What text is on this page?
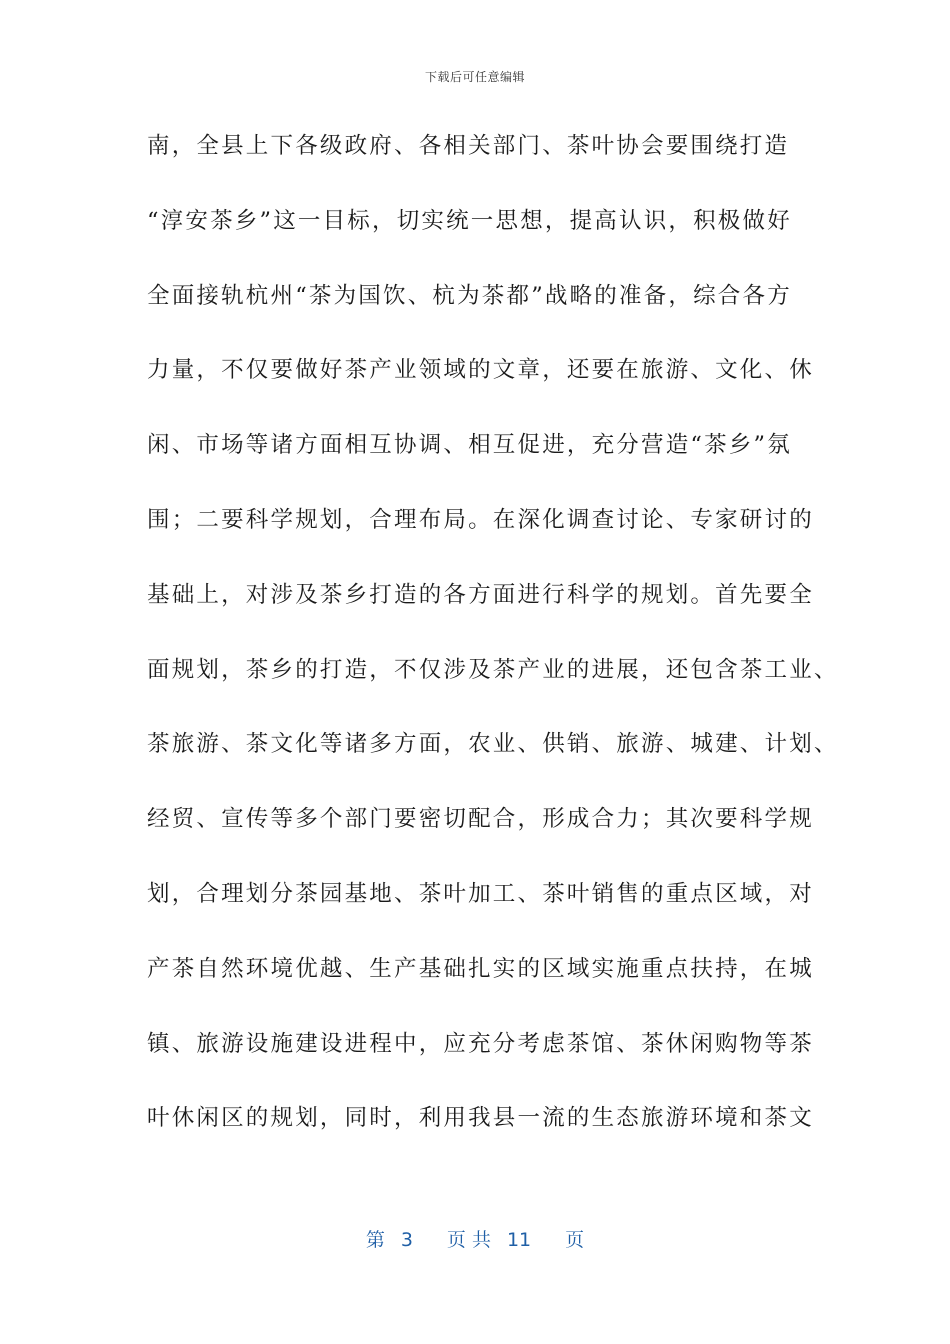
下载后可任意编辑
南，全县上下各级政府、各相关部门、茶叶协会要围绕打造
“淳安茶乡”这一目标，切实统一思想，提高认识，积极做好
全面接轨杭州“茶为国饮、杭为茶都”战略的准备，综合各方
力量，不仅要做好茶产业领域的文章，还要在旅游、文化、休
闲、市场等诸方面相互协调、相互促进，充分营造“茶乡”氛
围；二要科学规划，合理布局。在深化调查讨论、专家研讨的
基础上，对涉及茶乡打造的各方面进行科学的规划。首先要全
面规划，茶乡的打造，不仅涉及茶产业的进展，还包含茶工业、
茶旅游、茶文化等诸多方面，农业、供销、旅游、城建、计划、
经贸、宣传等多个部门要密切配合，形成合力；其次要科学规
划，合理划分茶园基地、茶叶加工、茶叶销售的重点区域，对
产茶自然环境优越、生产基础扎实的区域实施重点扶持，在城
镇、旅游设施建设进程中，应充分考虑茶馆、茶休闲购物等茶
叶休闲区的规划，同时，利用我县一流的生态旅游环境和茶文
第 3 页 共 11 页
